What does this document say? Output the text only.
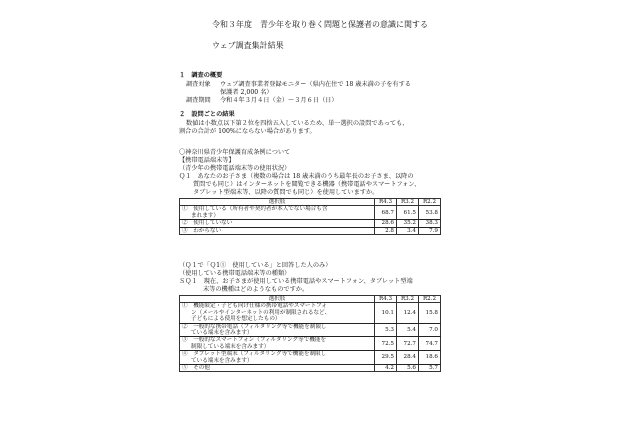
令和３年度　青少年を取り巻く問題と保護者の意識に関する
ウェブ調査集計結果
１　調査の概要
調査対象 ウェブ調査事業者登録モニター（県内在住で 18 歳未満の子を有する
保護者 2,000 名）
調査期間 令和４年３月４日（金）～３月６日（日）
２　設問ごとの結果
数値は小数点以下第２位を四捨五入しているため、単一選択の設問であっても、
割合の合計が 100%にならない場合があります。
〇神奈川県青少年保護育成条例について
【携帯電話端末等】
（青少年の携帯電話端末等の使用状況）
Ｑ１　あなたのお子さま（複数の場合は 18 歳未満のうち最年長のお子さま、以降の
質問でも同じ）はインターネットを閲覧できる機器（携帯電話やスマートフォン、
タブレット型端末等、以降の質問でも同じ）を使用していますか。
選択肢	R4.3	R3.2	R2.2
①　使用している（所有者や契約者が本人でない場合も含
まれます）	68.7	61.5	53.8
②　使用していない	28.6	35.2	38.3
③　わからない	2.8	3.4	7.9
（Ｑ１で「Ｑ1①　使用している」と回答した人のみ）
（使用している携帯電話端末等の種類）
ＳＱ１　現在、お子さまが使用している携帯電話やスマートフォン、タブレット型端
末等の機種はどのようなものですか。
選択肢	R4.3	R3.2	R2.2
①　機能限定・子ども向け仕様の携帯電話やスマートフォ
ン（メールやインターネットの利用が制限されるなど、
子どもによる使用を想定したもの）	10.1	12.4	15.8
②　一般的な携帯電話（フィルタリング等で機能を制限し
ている端末を含みます）	5.3	5.4	7.0
③　一般的なスマートフォン（フィルタリング等で機能を
制限している端末を含みます）	72.5	72.7	74.7
④　タブレット型端末（フィルタリング等で機能を制限し
ている端末を含みます）	29.5	28.4	18.6
⑤　その他	4.2	5.6	5.7
